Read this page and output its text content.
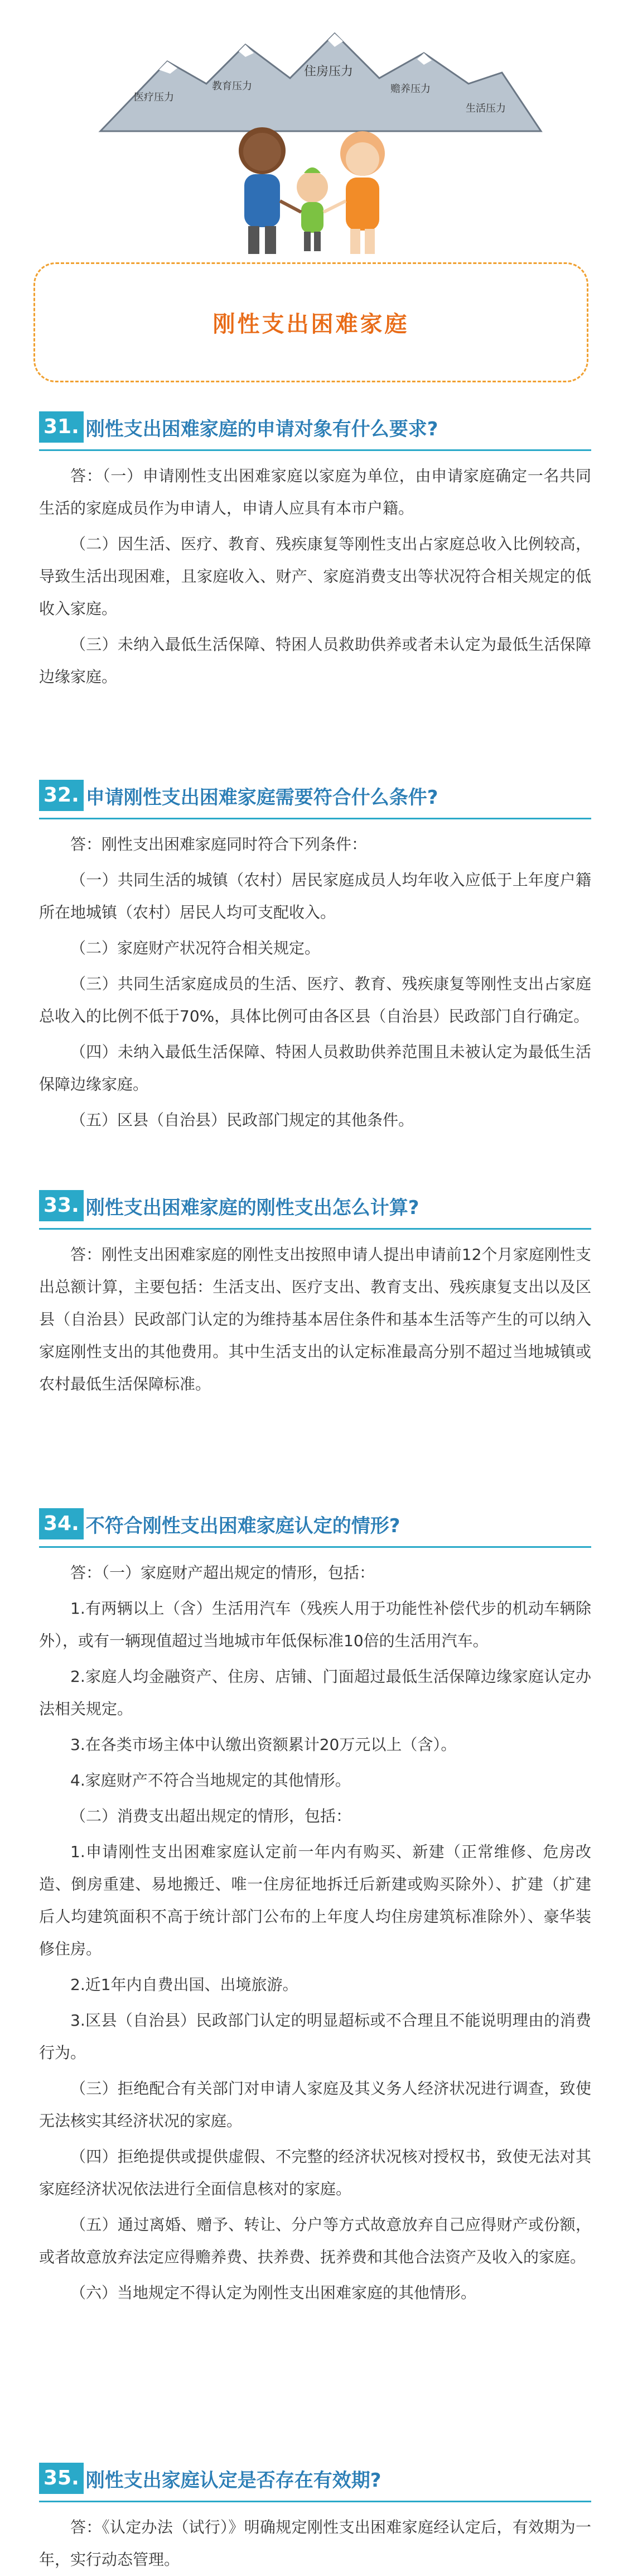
医疗压力
教育压力
住房压力
赡养压力
生活压力
刚性支出困难家庭
31. 刚性支出困难家庭的申请对象有什么要求?

答：（一）申请刚性支出困难家庭以家庭为单位，由申请家庭确定一名共同生活的家庭成员作为申请人，申请人应具有本市户籍。

（二）因生活、医疗、教育、残疾康复等刚性支出占家庭总收入比例较高，导致生活出现困难，且家庭收入、财产、家庭消费支出等状况符合相关规定的低收入家庭。

（三）未纳入最低生活保障、特困人员救助供养或者未认定为最低生活保障边缘家庭。

32. 申请刚性支出困难家庭需要符合什么条件?

答：刚性支出困难家庭同时符合下列条件：

（一）共同生活的城镇（农村）居民家庭成员人均年收入应低于上年度户籍所在地城镇（农村）居民人均可支配收入。

（二）家庭财产状况符合相关规定。

（三）共同生活家庭成员的生活、医疗、教育、残疾康复等刚性支出占家庭总收入的比例不低于70%，具体比例可由各区县（自治县）民政部门自行确定。

（四）未纳入最低生活保障、特困人员救助供养范围且未被认定为最低生活保障边缘家庭。

（五）区县（自治县）民政部门规定的其他条件。

33. 刚性支出困难家庭的刚性支出怎么计算?

答：刚性支出困难家庭的刚性支出按照申请人提出申请前12个月家庭刚性支出总额计算，主要包括：生活支出、医疗支出、教育支出、残疾康复支出以及区县（自治县）民政部门认定的为维持基本居住条件和基本生活等产生的可以纳入家庭刚性支出的其他费用。其中生活支出的认定标准最高分别不超过当地城镇或农村最低生活保障标准。

34. 不符合刚性支出困难家庭认定的情形?

答：（一）家庭财产超出规定的情形，包括：

1.有两辆以上（含）生活用汽车（残疾人用于功能性补偿代步的机动车辆除外），或有一辆现值超过当地城市年低保标准10倍的生活用汽车。

2.家庭人均金融资产、住房、店铺、门面超过最低生活保障边缘家庭认定办法相关规定。

3.在各类市场主体中认缴出资额累计20万元以上（含）。

4.家庭财产不符合当地规定的其他情形。

（二）消费支出超出规定的情形，包括：

1.申请刚性支出困难家庭认定前一年内有购买、新建（正常维修、危房改造、倒房重建、易地搬迁、唯一住房征地拆迁后新建或购买除外）、扩建（扩建后人均建筑面积不高于统计部门公布的上年度人均住房建筑标准除外）、豪华装修住房。

2.近1年内自费出国、出境旅游。

3.区县（自治县）民政部门认定的明显超标或不合理且不能说明理由的消费行为。

（三）拒绝配合有关部门对申请人家庭及其义务人经济状况进行调查，致使无法核实其经济状况的家庭。

（四）拒绝提供或提供虚假、不完整的经济状况核对授权书，致使无法对其家庭经济状况依法进行全面信息核对的家庭。

（五）通过离婚、赠予、转让、分户等方式故意放弃自己应得财产或份额，或者故意放弃法定应得赡养费、扶养费、抚养费和其他合法资产及收入的家庭。

（六）当地规定不得认定为刚性支出困难家庭的其他情形。

35. 刚性支出家庭认定是否存在有效期?

答：《认定办法（试行）》明确规定刚性支出困难家庭经认定后，有效期为一年，实行动态管理。
